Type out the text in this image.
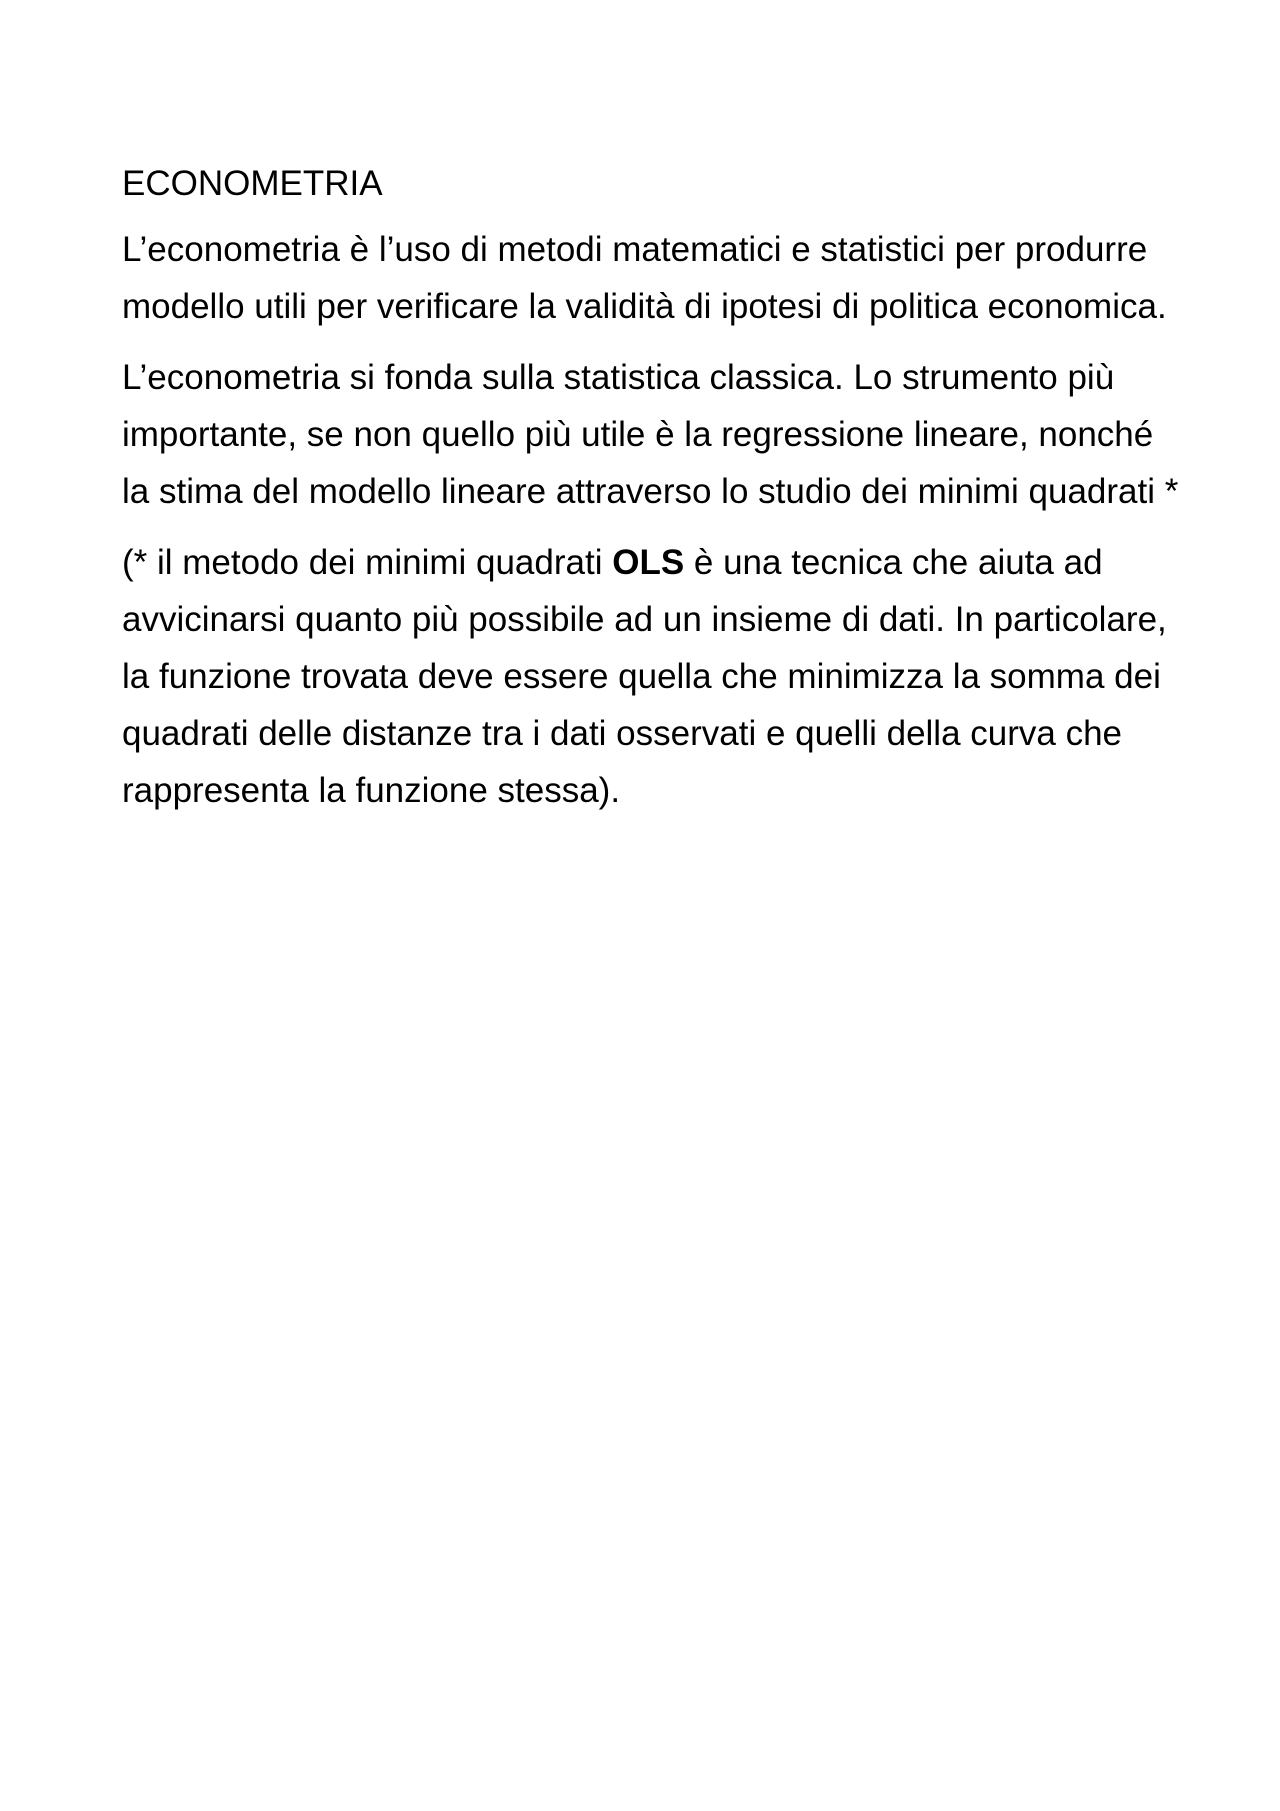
ECONOMETRIA

L’econometria è l’uso di metodi matematici e statistici per produrre modello utili per verificare la validità di ipotesi di politica economica.

L’econometria si fonda sulla statistica classica. Lo strumento più importante, se non quello più utile è la regressione lineare, nonché la stima del modello lineare attraverso lo studio dei minimi quadrati *

(* il metodo dei minimi quadrati OLS è una tecnica che aiuta ad avvicinarsi quanto più possibile ad un insieme di dati. In particolare, la funzione trovata deve essere quella che minimizza la somma dei quadrati delle distanze tra i dati osservati e quelli della curva che rappresenta la funzione stessa).
